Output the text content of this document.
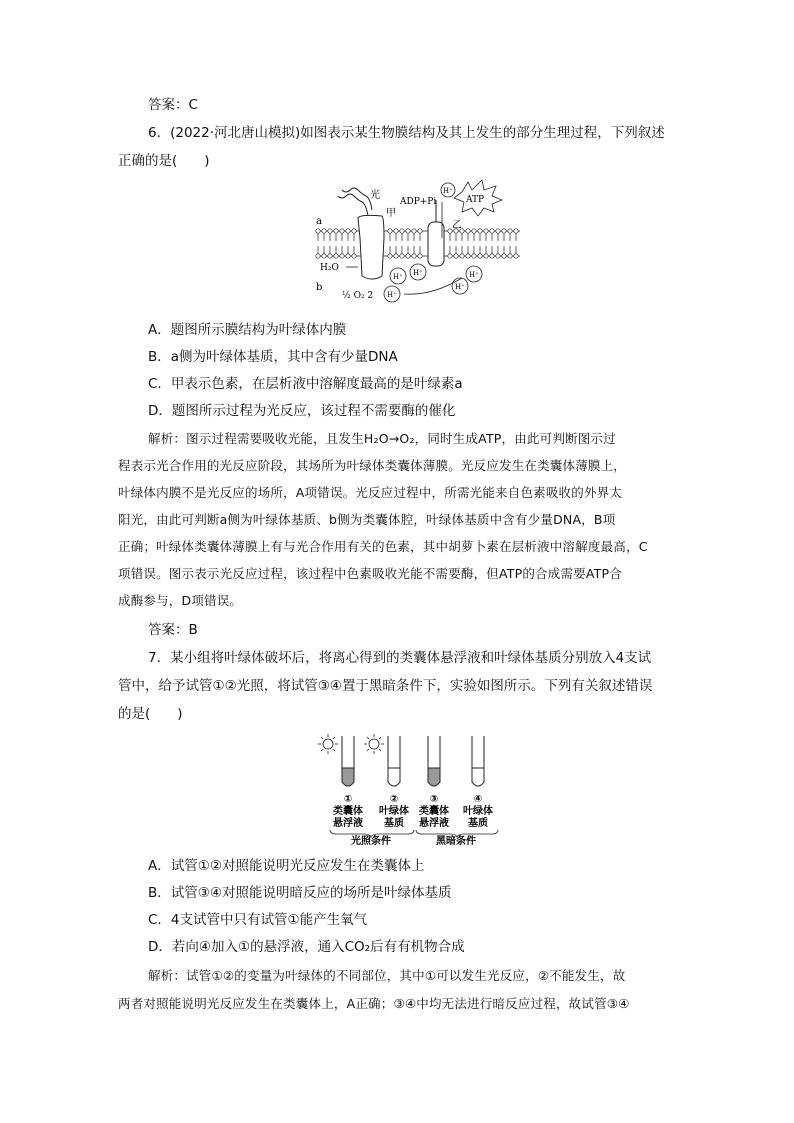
答案：C
6．(2022·河北唐山模拟)如图表示某生物膜结构及其上发生的部分生理过程，下列叙述
正确的是(　　)
光
甲
a
b
ADP+Pi	ATP
乙
H⁺
H⁺ H⁺	H⁺
H⁺
H⁺
H₂O
½ O₂ 2
A．题图所示膜结构为叶绿体内膜
B．a侧为叶绿体基质，其中含有少量DNA
C．甲表示色素，在层析液中溶解度最高的是叶绿素a
D．题图所示过程为光反应，该过程不需要酶的催化
解析：图示过程需要吸收光能，且发生H₂O→O₂，同时生成ATP，由此可判断图示过
程表示光合作用的光反应阶段，其场所为叶绿体类囊体薄膜。光反应发生在类囊体薄膜上，
叶绿体内膜不是光反应的场所，A项错误。光反应过程中，所需光能来自色素吸收的外界太
阳光，由此可判断a侧为叶绿体基质、b侧为类囊体腔，叶绿体基质中含有少量DNA，B项
正确；叶绿体类囊体薄膜上有与光合作用有关的色素，其中胡萝卜素在层析液中溶解度最高，C
项错误。图示表示光反应过程，该过程中色素吸收光能不需要酶，但ATP的合成需要ATP合
成酶参与，D项错误。
答案：B
7．某小组将叶绿体破坏后，将离心得到的类囊体悬浮液和叶绿体基质分别放入4支试
管中，给予试管①②光照，将试管③④置于黑暗条件下，实验如图所示。下列有关叙述错误
的是(　　)
①	②	③	④
类囊体 叶绿体 类囊体 叶绿体
悬浮液 基质 悬浮液 基质
光照条件	黑暗条件
A．试管①②对照能说明光反应发生在类囊体上
B．试管③④对照能说明暗反应的场所是叶绿体基质
C．4支试管中只有试管①能产生氧气
D．若向④加入①的悬浮液，通入CO₂后有有机物合成
解析：试管①②的变量为叶绿体的不同部位，其中①可以发生光反应，②不能发生，故
两者对照能说明光反应发生在类囊体上，A正确；③④中均无法进行暗反应过程，故试管③④
